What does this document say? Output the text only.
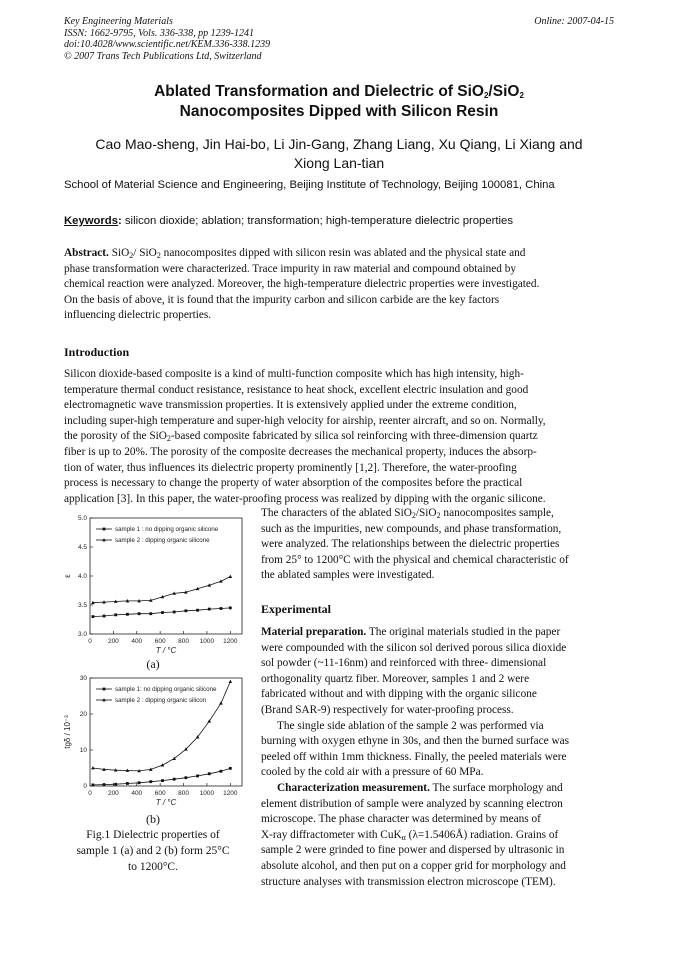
Key Engineering Materials	Online: 2007-04-15
ISSN: 1662-9795, Vols. 336-338, pp 1239-1241
doi:10.4028/www.scientific.net/KEM.336-338.1239
© 2007 Trans Tech Publications Ltd, Switzerland
Ablated Transformation and Dielectric of SiO$_2$/SiO$_2$
Nanocomposites Dipped with Silicon Resin
Cao Mao-sheng, Jin Hai-bo, Li Jin-Gang, Zhang Liang, Xu Qiang, Li Xiang and
Xiong Lan-tian
School of Material Science and Engineering, Beijing Institute of Technology, Beijing 100081, China
Keywords: silicon dioxide; ablation; transformation; high-temperature dielectric properties
Abstract. SiO$_2$/ SiO$_2$ nanocomposites dipped with silicon resin was ablated and the physical state and
phase transformation were characterized. Trace impurity in raw material and compound obtained by
chemical reaction were analyzed. Moreover, the high-temperature dielectric properties were investigated.
On the basis of above, it is found that the impurity carbon and silicon carbide are the key factors
influencing dielectric properties.
Introduction
Silicon dioxide-based composite is a kind of multi-function composite which has high intensity, high-
temperature thermal conduct resistance, resistance to heat shock, excellent electric insulation and good
electromagnetic wave transmission properties. It is extensively applied under the extreme condition,
including super-high temperature and super-high velocity for airship, reenter aircraft, and so on. Normally,
the porosity of the SiO$_2$-based composite fabricated by silica sol reinforcing with three-dimension quartz
fiber is up to 20%. The porosity of the composite decreases the mechanical property, induces the absorp-
tion of water, thus influences its dielectric property prominently [1,2]. Therefore, the water-proofing
process is necessary to change the property of water absorption of the composites before the practical
application [3]. In this paper, the water-proofing process was realized by dipping with the organic silicone.
The characters of the ablated SiO$_2$/SiO$_2$ nanocomposites sample,
such as the impurities, new compounds, and phase transformation,
were analyzed. The relationships between the dielectric properties
from 25° to 1200°C with the physical and chemical characteristic of
the ablated samples were investigated.
Experimental
Material preparation. The original materials studied in the paper
were compounded with the silicon sol derived porous silica dioxide
sol powder (~11-16nm) and reinforced with three- dimensional
orthogonality quartz fiber. Moreover, samples 1 and 2 were
fabricated without and with dipping with the organic silicone
(Brand SAR-9) respectively for water-proofing process.
The single side ablation of the sample 2 was performed via
burning with oxygen ethyne in 30s, and then the burned surface was
peeled off within 1mm thickness. Finally, the peeled materials were
cooled by the cold air with a pressure of 60 MPa.
Characterization measurement. The surface morphology and
element distribution of sample were analyzed by scanning electron
microscope. The phase character was determined by means of
X-ray diffractometer with CuK$_\alpha$ (λ=1.5406Å) radiation. Grains of
sample 2 were grinded to fine power and dispersed by ultrasonic in
absolute alcohol, and then put on a copper grid for morphology and
structure analyses with transmission electron microscope (TEM).
0 200 400 600 800 1000 1200
3.0
3.5
4.0
4.5
5.0
T / °C
ε
sample 1 : no dipping organic silicone
sample 2 : dipping organic silicone
(a)
0 200 400 600 800 1000 1200
0
10
20
30
T / °C
tgδ / 10⁻³
sample 1: no dipping organic silicone
sample 2 : dipping organic silicon
(b)
Fig.1 Dielectric properties of
sample 1 (a) and 2 (b) form 25°C
to 1200°C.
